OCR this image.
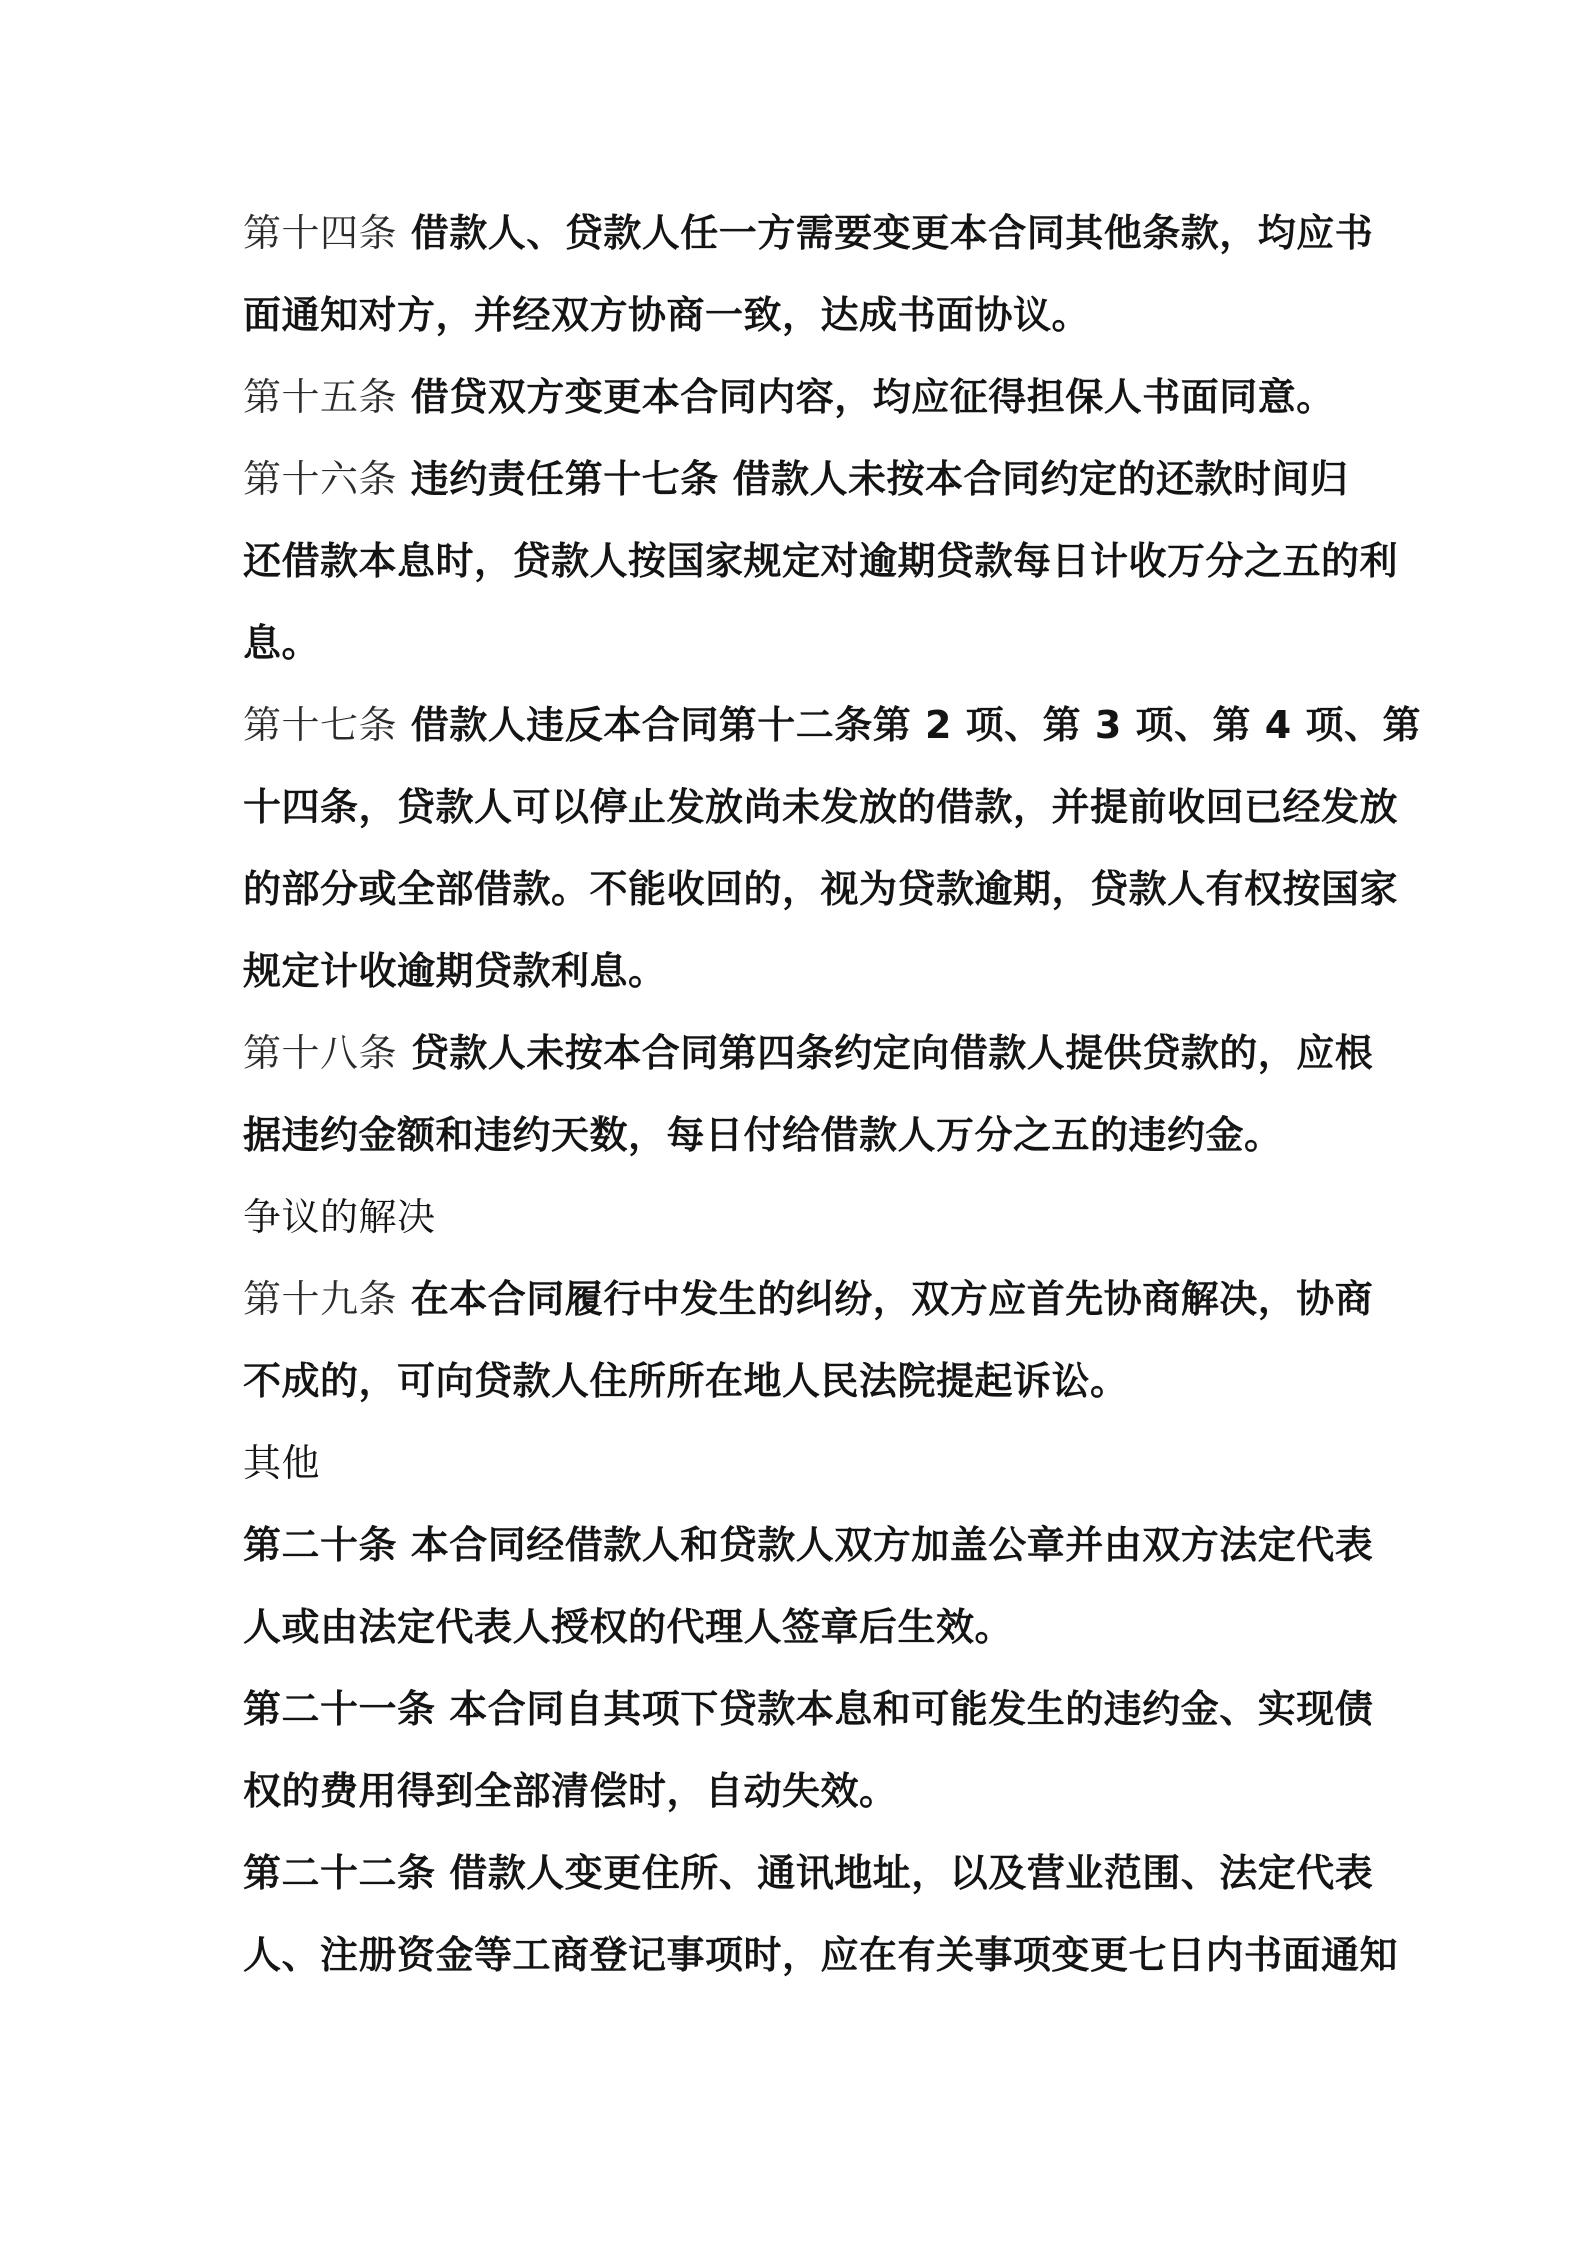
第十四条 借款人、贷款人任一方需要变更本合同其他条款，均应书
面通知对方，并经双方协商一致，达成书面协议。
第十五条 借贷双方变更本合同内容，均应征得担保人书面同意。
第十六条 违约责任第十七条 借款人未按本合同约定的还款时间归
还借款本息时，贷款人按国家规定对逾期贷款每日计收万分之五的利
息。
第十七条 借款人违反本合同第十二条第 2 项、第 3 项、第 4 项、第
十四条，贷款人可以停止发放尚未发放的借款，并提前收回已经发放
的部分或全部借款。不能收回的，视为贷款逾期，贷款人有权按国家
规定计收逾期贷款利息。
第十八条 贷款人未按本合同第四条约定向借款人提供贷款的，应根
据违约金额和违约天数，每日付给借款人万分之五的违约金。
争议的解决
第十九条 在本合同履行中发生的纠纷，双方应首先协商解决，协商
不成的，可向贷款人住所所在地人民法院提起诉讼。
其他
第二十条 本合同经借款人和贷款人双方加盖公章并由双方法定代表
人或由法定代表人授权的代理人签章后生效。
第二十一条 本合同自其项下贷款本息和可能发生的违约金、实现债
权的费用得到全部清偿时，自动失效。
第二十二条 借款人变更住所、通讯地址，以及营业范围、法定代表
人、注册资金等工商登记事项时，应在有关事项变更七日内书面通知
